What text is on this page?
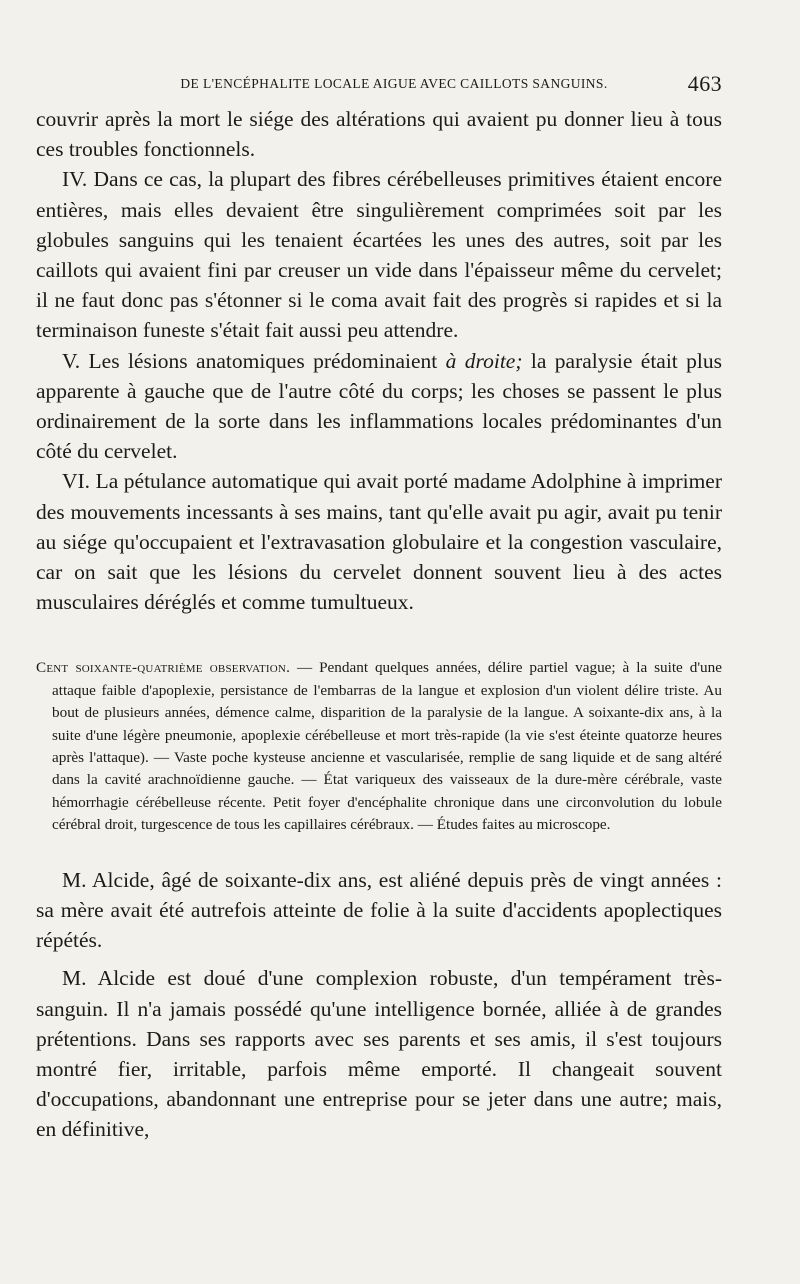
DE L'ENCÉPHALITE LOCALE AIGUE AVEC CAILLOTS SANGUINS.	463

couvrir après la mort le siége des altérations qui avaient pu donner lieu à tous ces troubles fonctionnels.

IV. Dans ce cas, la plupart des fibres cérébelleuses primitives étaient encore entières, mais elles devaient être singulièrement comprimées soit par les globules sanguins qui les tenaient écartées les unes des autres, soit par les caillots qui avaient fini par creuser un vide dans l'épaisseur même du cervelet; il ne faut donc pas s'étonner si le coma avait fait des progrès si rapides et si la terminaison funeste s'était fait aussi peu attendre.

V. Les lésions anatomiques prédominaient à droite; la paralysie était plus apparente à gauche que de l'autre côté du corps; les choses se passent le plus ordinairement de la sorte dans les inflammations locales prédominantes d'un côté du cervelet.

VI. La pétulance automatique qui avait porté madame Adolphine à imprimer des mouvements incessants à ses mains, tant qu'elle avait pu agir, avait pu tenir au siége qu'occupaient et l'extravasation globulaire et la congestion vasculaire, car on sait que les lésions du cervelet donnent souvent lieu à des actes musculaires déréglés et comme tumultueux.

Cent soixante-quatrième observation. — Pendant quelques années, délire partiel vague; à la suite d'une attaque faible d'apoplexie, persistance de l'embarras de la langue et explosion d'un violent délire triste. Au bout de plusieurs années, démence calme, disparition de la paralysie de la langue. A soixante-dix ans, à la suite d'une légère pneumonie, apoplexie cérébelleuse et mort très-rapide (la vie s'est éteinte quatorze heures après l'attaque). — Vaste poche kysteuse ancienne et vascularisée, remplie de sang liquide et de sang altéré dans la cavité arachnoïdienne gauche. — État variqueux des vaisseaux de la dure-mère cérébrale, vaste hémorrhagie cérébelleuse récente. Petit foyer d'encéphalite chronique dans une circonvolution du lobule cérébral droit, turgescence de tous les capillaires cérébraux. — Études faites au microscope.

M. Alcide, âgé de soixante-dix ans, est aliéné depuis près de vingt années : sa mère avait été autrefois atteinte de folie à la suite d'accidents apoplectiques répétés.

M. Alcide est doué d'une complexion robuste, d'un tempérament très-sanguin. Il n'a jamais possédé qu'une intelligence bornée, alliée à de grandes prétentions. Dans ses rapports avec ses parents et ses amis, il s'est toujours montré fier, irritable, parfois même emporté. Il changeait souvent d'occupations, abandonnant une entreprise pour se jeter dans une autre; mais, en définitive,
